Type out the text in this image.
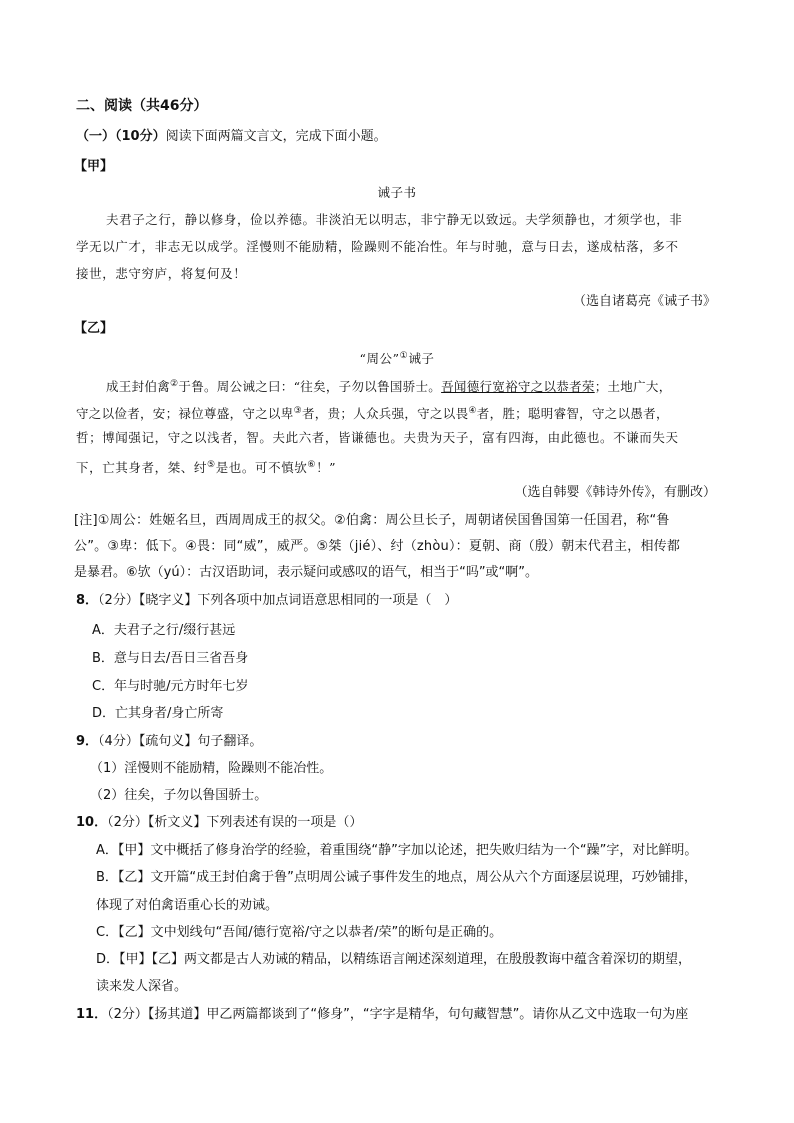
二、阅读（共46分）
（一）（10分）阅读下面两篇文言文，完成下面小题。
【甲】
诫子书
夫君子之行，静以修身，俭以养德。非淡泊无以明志，非宁静无以致远。夫学须静也，才须学也，非
学无以广才，非志无以成学。淫慢则不能励精，险躁则不能冶性。年与时驰，意与日去，遂成枯落，多不
接世，悲守穷庐，将复何及！
（选自诸葛亮《诫子书》
【乙】
“周公”①诫子
成王封伯禽②于鲁。周公诫之曰：“往矣，子勿以鲁国骄士。吾闻德行宽裕守之以恭者荣；土地广大，
守之以俭者，安；禄位尊盛，守之以卑③者，贵；人众兵强，守之以畏④者，胜；聪明睿智，守之以愚者，
哲；博闻强记，守之以浅者，智。夫此六者，皆谦德也。夫贵为天子，富有四海，由此德也。不谦而失天
下，亡其身者，桀、纣⑤是也。可不慎欤⑥！”
（选自韩婴《韩诗外传》，有删改）
[注]①周公：姓姬名旦，西周周成王的叔父。②伯禽：周公旦长子，周朝诸侯国鲁国第一任国君，称“鲁
公”。③卑：低下。④畏：同“威”，威严。⑤桀（jié）、纣（zhòu）：夏朝、商（殷）朝末代君主，相传都
是暴君。⑥欤（yú）：古汉语助词，表示疑问或感叹的语气，相当于“吗”或“啊”。
8．（2分）【晓字义】下列各项中加点词语意思相同的一项是（　）
A．夫君子之行/缀行甚远
B．意与日去/吾日三省吾身
C．年与时驰/元方时年七岁
D．亡其身者/身亡所寄
9．（4分）【疏句义】句子翻译。
（1）淫慢则不能励精，险躁则不能冶性。
（2）往矣，子勿以鲁国骄士。
10．（2分）【析文义】下列表述有误的一项是（）
A．【甲】文中概括了修身治学的经验，着重围绕“静”字加以论述，把失败归结为一个“躁”字，对比鲜明。
B．【乙】文开篇“成王封伯禽于鲁”点明周公诫子事件发生的地点，周公从六个方面逐层说理，巧妙铺排，
体现了对伯禽语重心长的劝诫。
C．【乙】文中划线句“吾闻/德行宽裕/守之以恭者/荣”的断句是正确的。
D．【甲】【乙】两文都是古人劝诫的精品，以精练语言阐述深刻道理，在殷殷教诲中蕴含着深切的期望，
读来发人深省。
11．（2分）【扬其道】甲乙两篇都谈到了“修身”，“字字是精华，句句藏智慧”。请你从乙文中选取一句为座
